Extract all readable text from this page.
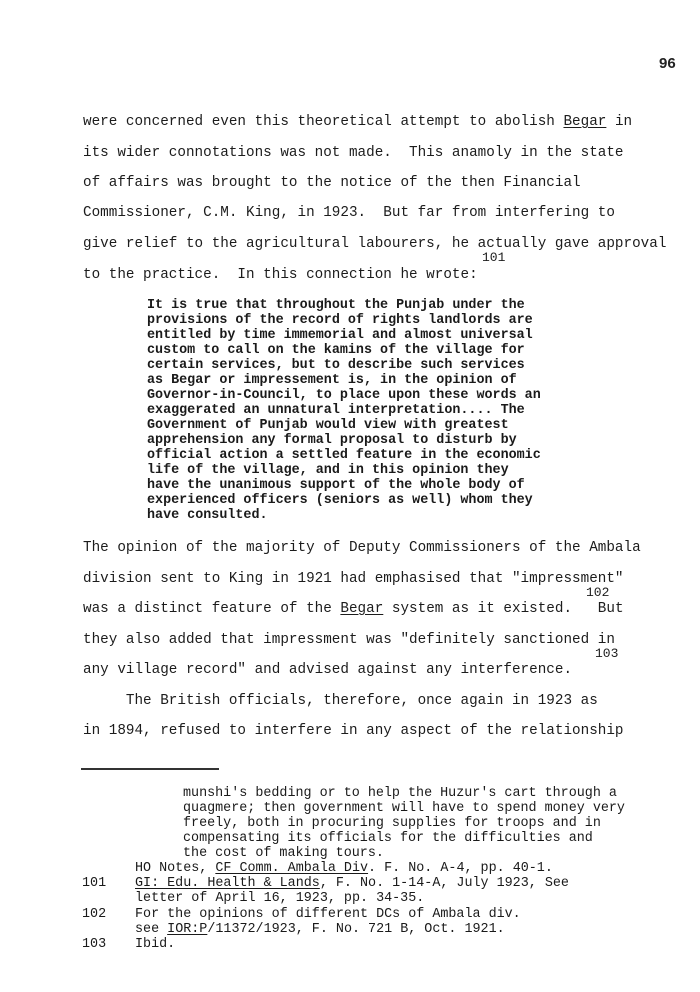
96
were concerned even this theoretical attempt to abolish Begar in
its wider connotations was not made.  This anamoly in the state
of affairs was brought to the notice of the then Financial
Commissioner, C.M. King, in 1923.  But far from interfering to
give relief to the agricultural labourers, he actually gave approval
101
to the practice.  In this connection he wrote:
It is true that throughout the Punjab under the
provisions of the record of rights landlords are
entitled by time immemorial and almost universal
custom to call on the kamins of the village for
certain services, but to describe such services
as Begar or impressement is, in the opinion of
Governor-in-Council, to place upon these words an
exaggerated an unnatural interpretation.... The
Government of Punjab would view with greatest
apprehension any formal proposal to disturb by
official action a settled feature in the economic
life of the village, and in this opinion they
have the unanimous support of the whole body of
experienced officers (seniors as well) whom they
have consulted.
The opinion of the majority of Deputy Commissioners of the Ambala
division sent to King in 1921 had emphasised that "impressment"
102
was a distinct feature of the Begar system as it existed.   But
they also added that impressment was "definitely sanctioned in
103
any village record" and advised against any interference.
The British officials, therefore, once again in 1923 as
in 1894, refused to interfere in any aspect of the relationship
munshi's bedding or to help the Huzur's cart through a
quagmere; then government will have to spend money very
freely, both in procuring supplies for troops and in
compensating its officials for the difficulties and
the cost of making tours.
HO Notes, CF Comm. Ambala Div. F. No. A-4, pp. 40-1.
101 GI: Edu. Health & Lands, F. No. 1-14-A, July 1923, See
letter of April 16, 1923, pp. 34-35.
102 For the opinions of different DCs of Ambala div.
see IOR:P/11372/1923, F. No. 721 B, Oct. 1921.
103 Ibid.
